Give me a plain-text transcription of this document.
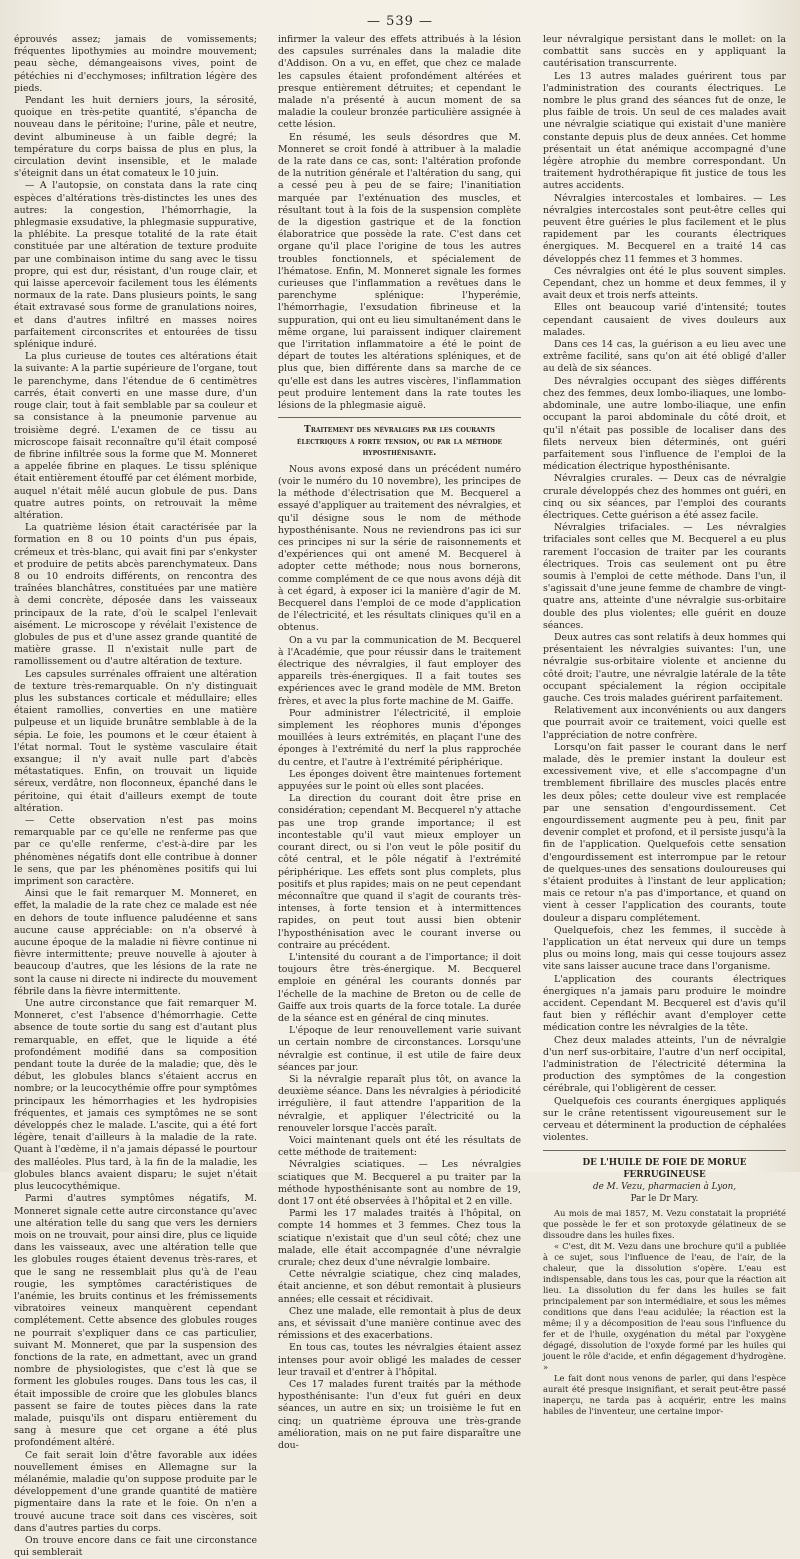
— 539 —

éprouvés assez; jamais de vomissements; fréquentes lipothymies au moindre mouvement; peau sèche, démangeaisons vives, point de pétéchies ni d'ecchymoses; infiltration légère des pieds.

Pendant les huit derniers jours, la sérosité, quoique en très-petite quantité, s'épancha de nouveau dans le péritoine; l'urine, pâle et neutre, devint albumineuse à un faible degré; la température du corps baissa de plus en plus, la circulation devint insensible, et le malade s'éteignit dans un état comateux le 10 juin.

— A l'autopsie, on constata dans la rate cinq espèces d'altérations très-distinctes les unes des autres: la congestion, l'hémorrhagie, la phlegmasie exsudative, la phlegmasie suppurative, la phlébite. La presque totalité de la rate était constituée par une altération de texture produite par une combinaison intime du sang avec le tissu propre, qui est dur, résistant, d'un rouge clair, et qui laisse apercevoir facilement tous les éléments normaux de la rate. Dans plusieurs points, le sang était extravasé sous forme de granulations noires, et dans d'autres infiltré en masses noires parfaitement circonscrites et entourées de tissu splénique induré.

La plus curieuse de toutes ces altérations était la suivante: A la partie supérieure de l'organe, tout le parenchyme, dans l'étendue de 6 centimètres carrés, était converti en une masse dure, d'un rouge clair, tout à fait semblable par sa couleur et sa consistance à la pneumonie parvenue au troisième degré. L'examen de ce tissu au microscope faisait reconnaître qu'il était composé de fibrine infiltrée sous la forme que M. Monneret a appelée fibrine en plaques. Le tissu splénique était entièrement étouffé par cet élément morbide, auquel n'était mêlé aucun globule de pus. Dans quatre autres points, on retrouvait la même altération.

La quatrième lésion était caractérisée par la formation en 8 ou 10 points d'un pus épais, crémeux et très-blanc, qui avait fini par s'enkyster et produire de petits abcès parenchymateux. Dans 8 ou 10 endroits différents, on rencontra des traînées blanchâtres, constituées par une matière à demi concrète, déposée dans les vaisseaux principaux de la rate, d'où le scalpel l'enlevait aisément. Le microscope y révélait l'existence de globules de pus et d'une assez grande quantité de matière grasse. Il n'existait nulle part de ramollissement ou d'autre altération de texture.

Les capsules surrénales offraient une altération de texture très-remarquable. On n'y distinguait plus les substances corticale et médullaire; elles étaient ramollies, converties en une matière pulpeuse et un liquide brunâtre semblable à de la sépia. Le foie, les poumons et le cœur étaient à l'état normal. Tout le système vasculaire était exsangue; il n'y avait nulle part d'abcès métastatiques. Enfin, on trouvait un liquide séreux, verdâtre, non floconneux, épanché dans le péritoine, qui était d'ailleurs exempt de toute altération.

— Cette observation n'est pas moins remarquable par ce qu'elle ne renferme pas que par ce qu'elle renferme, c'est-à-dire par les phénomènes négatifs dont elle contribue à donner le sens, que par les phénomènes positifs qui lui impriment son caractère.

Ainsi que le fait remarquer M. Monneret, en effet, la maladie de la rate chez ce malade est née en dehors de toute influence paludéenne et sans aucune cause appréciable: on n'a observé à aucune époque de la maladie ni fièvre continue ni fièvre intermittente; preuve nouvelle à ajouter à beaucoup d'autres, que les lésions de la rate ne sont la cause ni directe ni indirecte du mouvement fébrile dans la fièvre intermittente.

Une autre circonstance que fait remarquer M. Monneret, c'est l'absence d'hémorrhagie. Cette absence de toute sortie du sang est d'autant plus remarquable, en effet, que le liquide a été profondément modifié dans sa composition pendant toute la durée de la maladie; que, dès le début, les globules blancs s'étaient accrus en nombre; or la leucocythémie offre pour symptômes principaux les hémorrhagies et les hydropisies fréquentes, et jamais ces symptômes ne se sont développés chez le malade. L'ascite, qui a été fort légère, tenait d'ailleurs à la maladie de la rate. Quant à l'œdème, il n'a jamais dépassé le pourtour des malléoles. Plus tard, à la fin de la maladie, les globules blancs avaient disparu; le sujet n'était plus leucocythémique.

Parmi d'autres symptômes négatifs, M. Monneret signale cette autre circonstance qu'avec une altération telle du sang que vers les derniers mois on ne trouvait, pour ainsi dire, plus ce liquide dans les vaisseaux, avec une altération telle que les globules rouges étaient devenus très-rares, et que le sang ne ressemblait plus qu'à de l'eau rougie, les symptômes caractéristiques de l'anémie, les bruits continus et les frémissements vibratoires veineux manquèrent cependant complétement. Cette absence des globules rouges ne pourrait s'expliquer dans ce cas particulier, suivant M. Monneret, que par la suspension des fonctions de la rate, en admettant, avec un grand nombre de physiologistes, que c'est là que se forment les globules rouges. Dans tous les cas, il était impossible de croire que les globules blancs passent se faire de toutes pièces dans la rate malade, puisqu'ils ont disparu entièrement du sang à mesure que cet organe a été plus profondément altéré.

Ce fait serait loin d'être favorable aux idées nouvellement émises en Allemagne sur la mélanémie, maladie qu'on suppose produite par le développement d'une grande quantité de matière pigmentaire dans la rate et le foie. On n'en a trouvé aucune trace soit dans ces viscères, soit dans d'autres parties du corps.

On trouve encore dans ce fait une circonstance qui semblerait

infirmer la valeur des effets attribués à la lésion des capsules surrénales dans la maladie dite d'Addison. On a vu, en effet, que chez ce malade les capsules étaient profondément altérées et presque entièrement détruites; et cependant le malade n'a présenté à aucun moment de sa maladie la couleur bronzée particulière assignée à cette lésion.

En résumé, les seuls désordres que M. Monneret se croit fondé à attribuer à la maladie de la rate dans ce cas, sont: l'altération profonde de la nutrition générale et l'altération du sang, qui a cessé peu à peu de se faire; l'inanitiation marquée par l'exténuation des muscles, et résultant tout à la fois de la suspension complète de la digestion gastrique et de la fonction élaboratrice que possède la rate. C'est dans cet organe qu'il place l'origine de tous les autres troubles fonctionnels, et spécialement de l'hématose. Enfin, M. Monneret signale les formes curieuses que l'inflammation a revêtues dans le parenchyme splénique: l'hyperémie, l'hémorrhagie, l'exsudation fibrineuse et la suppuration, qui ont eu lieu simultanément dans le même organe, lui paraissent indiquer clairement que l'irritation inflammatoire a été le point de départ de toutes les altérations spléniques, et de plus que, bien différente dans sa marche de ce qu'elle est dans les autres viscères, l'inflammation peut produire lentement dans la rate toutes les lésions de la phlegmasie aiguë.

Traitement des névralgies par les courants électriques à forte tension, ou par la méthode hyposthénisante.

Nous avons exposé dans un précédent numéro (voir le numéro du 10 novembre), les principes de la méthode d'électrisation que M. Becquerel a essayé d'appliquer au traitement des névralgies, et qu'il désigne sous le nom de méthode hyposthénisante. Nous ne reviendrons pas ici sur ces principes ni sur la série de raisonnements et d'expériences qui ont amené M. Becquerel à adopter cette méthode; nous nous bornerons, comme complément de ce que nous avons déjà dit à cet égard, à exposer ici la manière d'agir de M. Becquerel dans l'emploi de ce mode d'application de l'électricité, et les résultats cliniques qu'il en a obtenus.

On a vu par la communication de M. Becquerel à l'Académie, que pour réussir dans le traitement électrique des névralgies, il faut employer des appareils très-énergiques. Il a fait toutes ses expériences avec le grand modèle de MM. Breton frères, et avec la plus forte machine de M. Gaiffe.

Pour administrer l'électricité, il emploie simplement les réophores munis d'éponges mouillées à leurs extrémités, en plaçant l'une des éponges à l'extrémité du nerf la plus rapprochée du centre, et l'autre à l'extrémité périphérique.

Les éponges doivent être maintenues fortement appuyées sur le point où elles sont placées.

La direction du courant doit être prise en considération; cependant M. Becquerel n'y attache pas une trop grande importance; il est incontestable qu'il vaut mieux employer un courant direct, ou si l'on veut le pôle positif du côté central, et le pôle négatif à l'extrémité périphérique. Les effets sont plus complets, plus positifs et plus rapides; mais on ne peut cependant méconnaître que quand il s'agit de courants très-intenses, à forte tension et à intermittences rapides, on peut tout aussi bien obtenir l'hyposthénisation avec le courant inverse ou contraire au précédent.

L'intensité du courant a de l'importance; il doit toujours être très-énergique. M. Becquerel emploie en général les courants donnés par l'échelle de la machine de Breton ou de celle de Gaiffe aux trois quarts de la force totale. La durée de la séance est en général de cinq minutes.

L'époque de leur renouvellement varie suivant un certain nombre de circonstances. Lorsqu'une névralgie est continue, il est utile de faire deux séances par jour.

Si la névralgie reparaît plus tôt, on avance la deuxième séance. Dans les névralgies à périodicité irrégulière, il faut attendre l'apparition de la névralgie, et appliquer l'électricité ou la renouveler lorsque l'accès paraît.

Voici maintenant quels ont été les résultats de cette méthode de traitement:

Névralgies sciatiques. — Les névralgies sciatiques que M. Becquerel a pu traiter par la méthode hyposthénisante sont au nombre de 19, dont 17 ont été observées à l'hôpital et 2 en ville.

Parmi les 17 malades traités à l'hôpital, on compte 14 hommes et 3 femmes. Chez tous la sciatique n'existait que d'un seul côté; chez une malade, elle était accompagnée d'une névralgie crurale; chez deux d'une névralgie lombaire.

Cette névralgie sciatique, chez cinq malades, était ancienne, et son début remontait à plusieurs années; elle cessait et récidivait.

Chez une malade, elle remontait à plus de deux ans, et sévissait d'une manière continue avec des rémissions et des exacerbations.

En tous cas, toutes les névralgies étaient assez intenses pour avoir obligé les malades de cesser leur travail et d'entrer à l'hôpital.

Ces 17 malades furent traités par la méthode hyposthénisante: l'un d'eux fut guéri en deux séances, un autre en six; un troisième le fut en cinq; un quatrième éprouva une très-grande amélioration, mais on ne put faire disparaître une dou-

leur névralgique persistant dans le mollet: on la combattit sans succès en y appliquant la cautérisation transcurrente.

Les 13 autres malades guérirent tous par l'administration des courants électriques. Le nombre le plus grand des séances fut de onze, le plus faible de trois. Un seul de ces malades avait une névralgie sciatique qui existait d'une manière constante depuis plus de deux années. Cet homme présentait un état anémique accompagné d'une légère atrophie du membre correspondant. Un traitement hydrothérapique fit justice de tous les autres accidents.

Névralgies intercostales et lombaires. — Les névralgies intercostales sont peut-être celles qui peuvent être guéries le plus facilement et le plus rapidement par les courants électriques énergiques. M. Becquerel en a traité 14 cas développés chez 11 femmes et 3 hommes.

Ces névralgies ont été le plus souvent simples. Cependant, chez un homme et deux femmes, il y avait deux et trois nerfs atteints.

Elles ont beaucoup varié d'intensité; toutes cependant causaient de vives douleurs aux malades.

Dans ces 14 cas, la guérison a eu lieu avec une extrême facilité, sans qu'on ait été obligé d'aller au delà de six séances.

Des névralgies occupant des sièges différents chez des femmes, deux lombo-iliaques, une lombo-abdominale, une autre lombo-iliaque, une enfin occupant la paroi abdominale du côté droit, et qu'il n'était pas possible de localiser dans des filets nerveux bien déterminés, ont guéri parfaitement sous l'influence de l'emploi de la médication électrique hyposthénisante.

Névralgies crurales. — Deux cas de névralgie crurale développés chez des hommes ont guéri, en cinq ou six séances, par l'emploi des courants électriques. Cette guérison a été assez facile.

Névralgies trifaciales. — Les névralgies trifaciales sont celles que M. Becquerel a eu plus rarement l'occasion de traiter par les courants électriques. Trois cas seulement ont pu être soumis à l'emploi de cette méthode. Dans l'un, il s'agissait d'une jeune femme de chambre de vingt-quatre ans, atteinte d'une névralgie sus-orbitaire double des plus violentes; elle guérit en douze séances.

Deux autres cas sont relatifs à deux hommes qui présentaient les névralgies suivantes: l'un, une névralgie sus-orbitaire violente et ancienne du côté droit; l'autre, une névralgie latérale de la tête occupant spécialement la région occipitale gauche. Ces trois malades guérirent parfaitement.

Relativement aux inconvénients ou aux dangers que pourrait avoir ce traitement, voici quelle est l'appréciation de notre confrère.

Lorsqu'on fait passer le courant dans le nerf malade, dès le premier instant la douleur est excessivement vive, et elle s'accompagne d'un tremblement fibrillaire des muscles placés entre les deux pôles; cette douleur vive est remplacée par une sensation d'engourdissement. Cet engourdissement augmente peu à peu, finit par devenir complet et profond, et il persiste jusqu'à la fin de l'application. Quelquefois cette sensation d'engourdissement est interrompue par le retour de quelques-unes des sensations douloureuses qui s'étaient produites à l'instant de leur application; mais ce retour n'a pas d'importance, et quand on vient à cesser l'application des courants, toute douleur a disparu complétement.

Quelquefois, chez les femmes, il succède à l'application un état nerveux qui dure un temps plus ou moins long, mais qui cesse toujours assez vite sans laisser aucune trace dans l'organisme.

L'application des courants électriques énergiques n'a jamais paru produire le moindre accident. Cependant M. Becquerel est d'avis qu'il faut bien y réfléchir avant d'employer cette médication contre les névralgies de la tête.

Chez deux malades atteints, l'un de névralgie d'un nerf sus-orbitaire, l'autre d'un nerf occipital, l'administration de l'électricité détermina la production des symptômes de la congestion cérébrale, qui l'obligèrent de cesser.

Quelquefois ces courants énergiques appliqués sur le crâne retentissent vigoureusement sur le cerveau et déterminent la production de céphalées violentes.

DE L'HUILE DE FOIE DE MORUE FERRUGINEUSE
de M. Vezu, pharmacien à Lyon,
Par le Dr Mary.

Au mois de mai 1857, M. Vezu constatait la propriété que possède le fer et son protoxyde gélatineux de se dissoudre dans les huiles fixes.

« C'est, dit M. Vezu dans une brochure qu'il a publiée à ce sujet, sous l'influence de l'eau, de l'air, de la chaleur, que la dissolution s'opère. L'eau est indispensable, dans tous les cas, pour que la réaction ait lieu. La dissolution du fer dans les huiles se fait principalement par son intermédiaire, et sous les mêmes conditions que dans l'eau acidulée; la réaction est la même; il y a décomposition de l'eau sous l'influence du fer et de l'huile, oxygénation du métal par l'oxygène dégagé, dissolution de l'oxyde formé par les huiles qui jouent le rôle d'acide, et enfin dégagement d'hydrogène. »

Le fait dont nous venons de parler, qui dans l'espèce aurait été presque insignifiant, et serait peut-être passé inaperçu, ne tarda pas à acquérir, entre les mains habiles de l'inventeur, une certaine impor-
